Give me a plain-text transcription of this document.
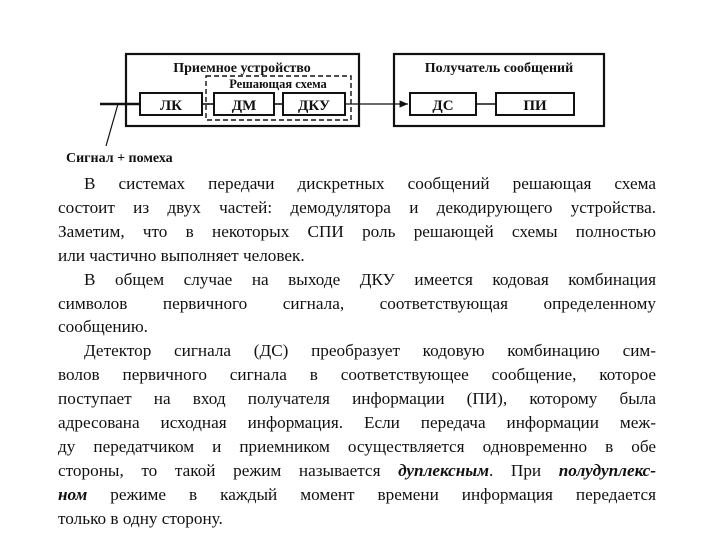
Приемное устройство
Решающая схема
ЛК	ДМ	ДКУ
Получатель сообщений
ДС	ПИ
Сигнал + помеха

В системах передачи дискретных сообщений решающая схема
состоит из двух частей: демодулятора и декодирующего устройства.
Заметим, что в некоторых СПИ роль решающей схемы полностью
или частично выполняет человек.

В общем случае на выходе ДКУ имеется кодовая комбинация
символов первичного сигнала, соответствующая определенному
сообщению.

Детектор сигнала (ДС) преобразует кодовую комбинацию сим-
волов первичного сигнала в соответствующее сообщение, которое
поступает на вход получателя информации (ПИ), которому была
адресована исходная информация. Если передача информации меж-
ду передатчиком и приемником осуществляется одновременно в обе
стороны, то такой режим называется дуплексным. При полудуплекс-
ном режиме в каждый момент времени информация передается
только в одну сторону.
